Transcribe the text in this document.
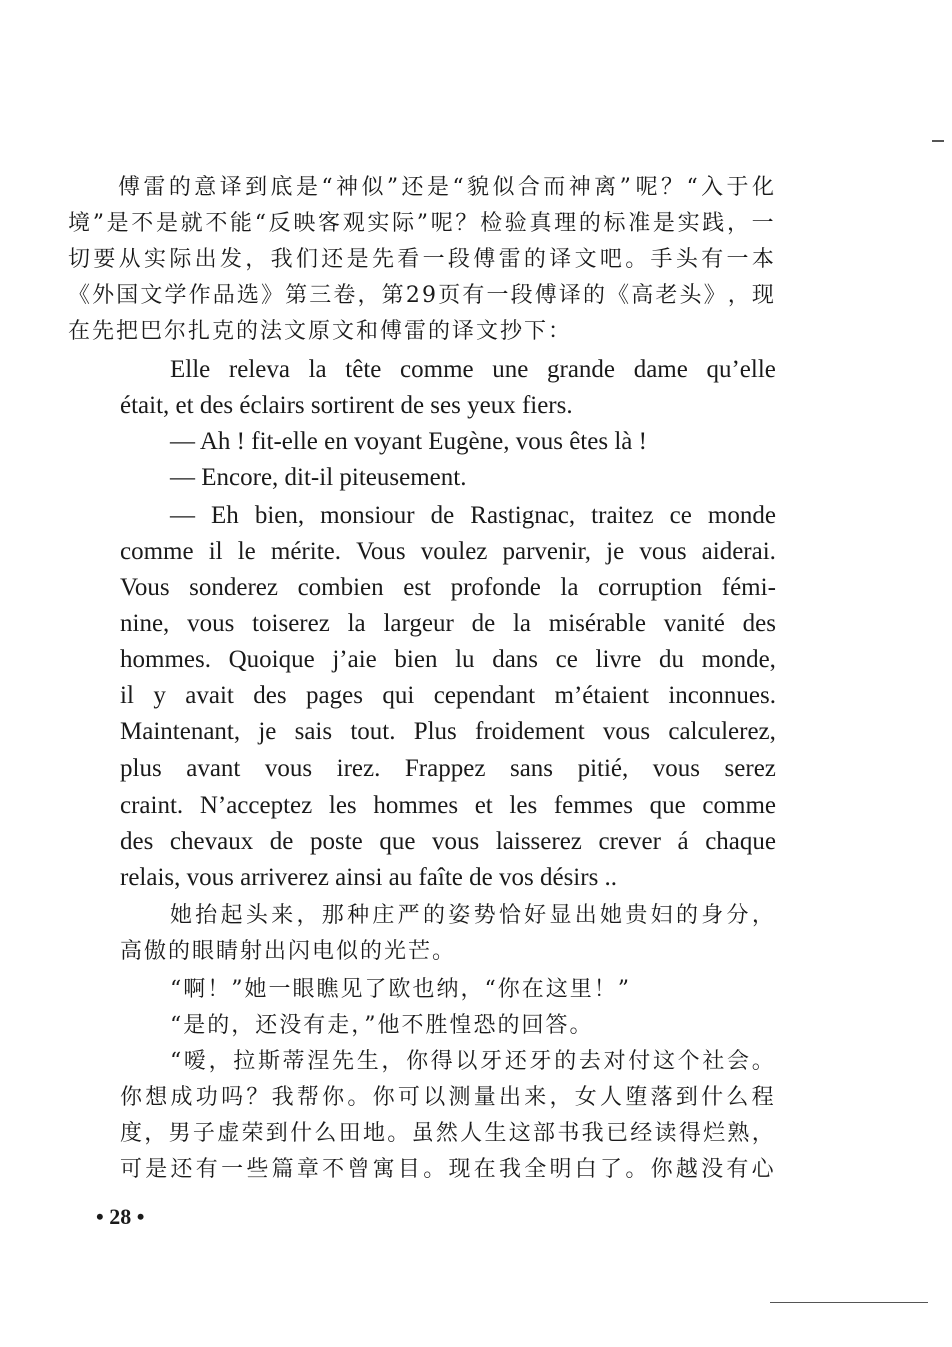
傅 雷 的 意 译 到 底 是 “ 神 似 ” 还 是 “ 貌 似 合 而 神 离 ” 呢 ？ “ 入 于 化
境 ” 是 不 是 就 不 能 “ 反 映 客 观 实 际 ” 呢 ？ 检 验 真 理 的 标 准 是 实 践 ， 一
切 要 从 实 际 出 发 ， 我 们 还 是 先 看 一 段 傅 雷 的 译 文 吧 。 手 头 有 一 本
《 外 国 文 学 作 品 选 》 第 三 卷 ， 第 2 9 页 有 一 段 傅 译 的 《 高 老 头 》 ， 现
在先把巴尔扎克的法文原文和傅雷的译文抄下：
Elle releva la tête comme une grande dame qu’elle
était, et des éclairs sortirent de ses yeux fiers.
— Ah ! fit-elle en voyant Eugène, vous êtes là !
— Encore, dit-il piteusement.
— Eh bien, monsiour de Rastignac, traitez ce monde
comme il le mérite. Vous voulez parvenir, je vous aiderai.
Vous sonderez combien est profonde la corruption fémi-
nine, vous toiserez la largeur de la misérable vanité des
hommes. Quoique j’aie bien lu dans ce livre du monde,
il y avait des pages qui cependant m’étaient inconnues.
Maintenant, je sais tout. Plus froidement vous calculerez,
plus avant vous irez. Frappez sans pitié, vous serez
craint. N’acceptez les hommes et les femmes que comme
des chevaux de poste que vous laisserez crever á chaque
relais, vous arriverez ainsi au faîte de vos désirs ..
她 抬 起 头 来 ， 那 种 庄 严 的 姿 势 恰 好 显 出 她 贵 妇 的 身 分 ，
高傲的眼睛射出闪电似的光芒。
“啊！”她一眼瞧见了欧也纳，“你在这里！”
“是的，还没有走，”他不胜惶恐的回答。
“ 嗳 ， 拉 斯 蒂 涅 先 生 ， 你 得 以 牙 还 牙 的 去 对 付 这 个 社 会 。
你 想 成 功 吗 ？ 我 帮 你 。 你 可 以 测 量 出 来 ， 女 人 堕 落 到 什 么 程
度 ， 男 子 虚 荣 到 什 么 田 地 。 虽 然 人 生 这 部 书 我 已 经 读 得 烂 熟 ，
可 是 还 有 一 些 篇 章 不 曾 寓 目 。 现 在 我 全 明 白 了 。 你 越 没 有 心
• 28 •
